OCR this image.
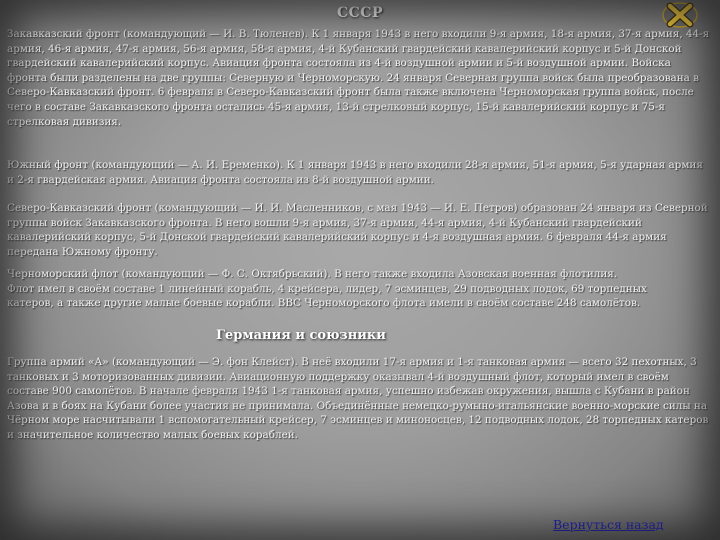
СССР

Закавказский фронт (командующий — И. В. Тюленев). К 1 января 1943 в него входили 9-я армия, 18-я армия, 37-я армия, 44-я армия, 46-я армия, 47-я армия, 56-я армия, 58-я армия, 4-й Кубанский гвардейский кавалерийский корпус и 5-й Донской гвардейский кавалерийский корпус. Авиация фронта состояла из 4-й воздушной армии и 5-й воздушной армии. Войска фронта были разделены на две группы: Северную и Черноморскую. 24 января Северная группа войск была преобразована в Северо-Кавказский фронт. 6 февраля в Северо-Кавказский фронт была также включена Черноморская группа войск, после чего в составе Закавказского фронта остались 45-я армия, 13-й стрелковый корпус, 15-й кавалерийский корпус и 75-я стрелковая дивизия.

Южный фронт (командующий — А. И. Еременко). К 1 января 1943 в него входили 28-я армия, 51-я армия, 5-я ударная армия и 2-я гвардейская армия. Авиация фронта состояла из 8-й воздушной армии.

Северо-Кавказский фронт (командующий — И. И. Масленников, с мая 1943 — И. Е. Петров) образован 24 января из Северной группы войск Закавказского фронта. В него вошли 9-я армия, 37-я армия, 44-я армия, 4-й Кубанский гвардейский кавалерийский корпус, 5-й Донской гвардейский кавалерийский корпус и 4-я воздушная армия. 6 февраля 44-я армия передана Южному фронту.

Черноморский флот (командующий — Ф. С. Октябрьский). В него также входила Азовская военная флотилия. Флот имел в своём составе 1 линейный корабль, 4 крейсера, лидер, 7 эсминцев, 29 подводных лодок, 69 торпедных катеров, а также другие малые боевые корабли. ВВС Черноморского флота имели в своём составе 248 самолётов.

Германия и союзники

Группа армий «А» (командующий — Э. фон Клейст). В неё входили 17-я армия и 1-я танковая армия — всего 32 пехотных, 3 танковых и 3 моторизованных дивизии. Авиационную поддержку оказывал 4-й воздушный флот, который имел в своём составе 900 самолётов. В начале февраля 1943 1-я танковая армия, успешно избежав окружения, вышла с Кубани в район Азова и в боях на Кубани более участия не принимала. Объединённые немецко-румыно-итальянские военно-морские силы на Чёрном море насчитывали 1 вспомогательный крейсер, 7 эсминцев и миноносцев, 12 подводных лодок, 28 торпедных катеров и значительное количество малых боевых кораблей.

Вернуться назад
